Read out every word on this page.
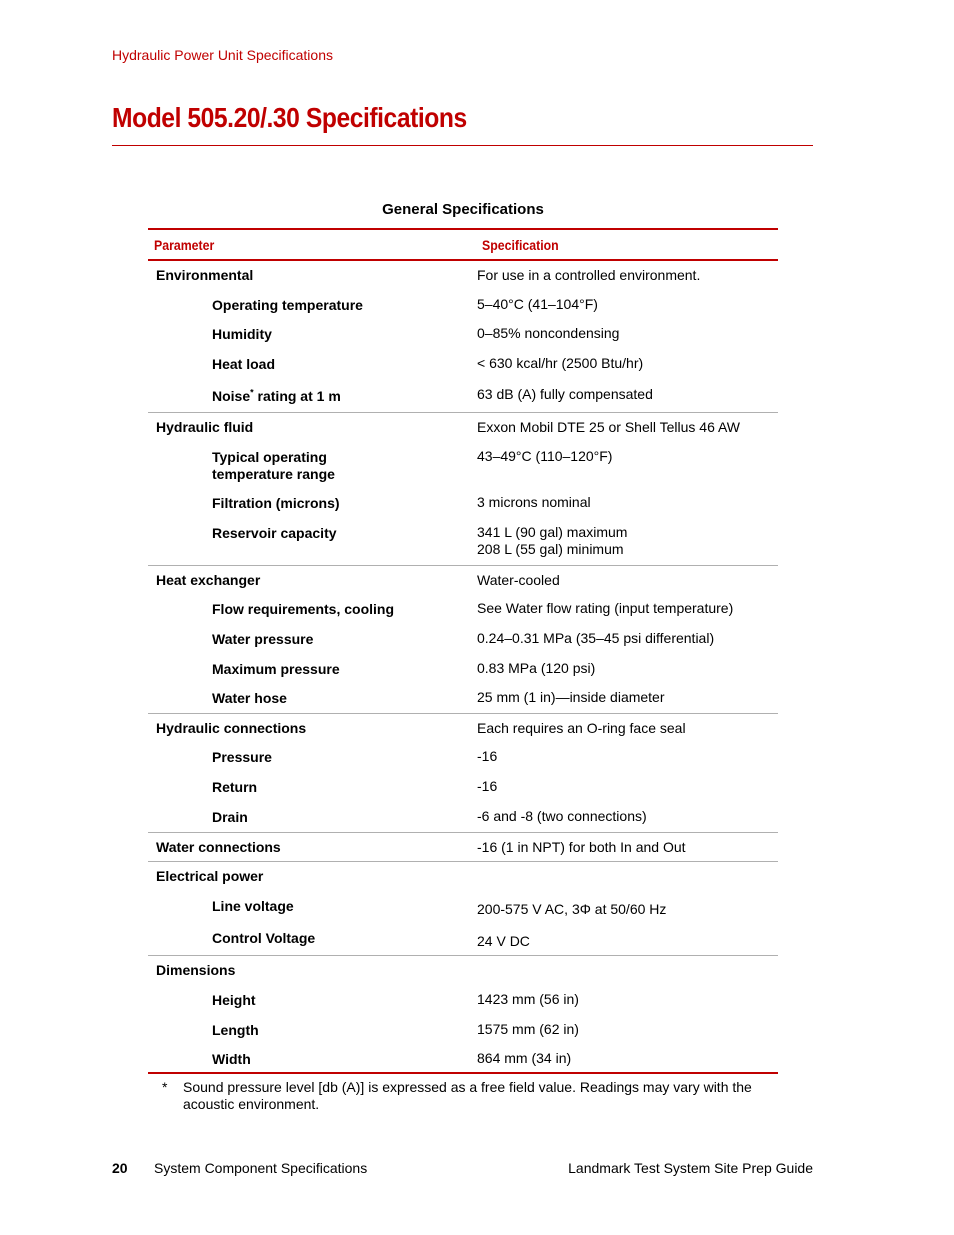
Hydraulic Power Unit Specifications
Model 505.20/.30 Specifications
General Specifications
Parameter	Specification

Environmental	For use in a controlled environment.

Operating temperature	5–40°C (41–104°F)

Humidity	0–85% noncondensing

Heat load	< 630 kcal/hr (2500 Btu/hr)

Noise* rating at 1 m	63 dB (A) fully compensated

Hydraulic fluid	Exxon Mobil DTE 25 or Shell Tellus 46 AW

Typical operating
temperature range	43–49°C (110–120°F)

Filtration (microns)	3 microns nominal

Reservoir capacity	341 L (90 gal) maximum
208 L (55 gal) minimum

Heat exchanger	Water-cooled

Flow requirements, cooling	See Water flow rating (input temperature)

Water pressure	0.24–0.31 MPa (35–45 psi differential)

Maximum pressure	0.83 MPa (120 psi)

Water hose	25 mm (1 in)—inside diameter

Hydraulic connections	Each requires an O-ring face seal

Pressure	-16

Return	-16

Drain	-6 and -8 (two connections)

Water connections	-16 (1 in NPT) for both In and Out

Electrical power	

Line voltage	200-575 V AC, 3Φ at 50/60 Hz

Control Voltage	24 V DC

Dimensions	

Height	1423 mm (56 in)

Length	1575 mm (62 in)

Width	864 mm (34 in)
* Sound pressure level [db (A)] is expressed as a free field value. Readings may vary with the acoustic environment.
20 System Component Specifications	Landmark Test System Site Prep Guide
